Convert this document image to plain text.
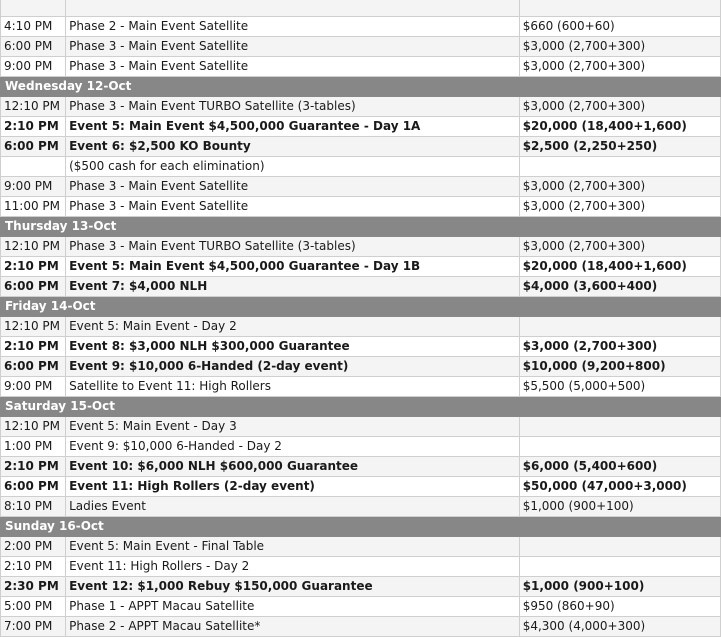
4:10 PM	Phase 2 - Main Event Satellite	$660 (600+60)
6:00 PM	Phase 3 - Main Event Satellite	$3,000 (2,700+300)
9:00 PM	Phase 3 - Main Event Satellite	$3,000 (2,700+300)
Wednesday 12-Oct		
12:10 PM	Phase 3 - Main Event TURBO Satellite (3-tables)	$3,000 (2,700+300)
2:10 PM	Event 5: Main Event $4,500,000 Guarantee - Day 1A	$20,000 (18,400+1,600)
6:00 PM	Event 6: $2,500 KO Bounty	$2,500 (2,250+250)
	($500 cash for each elimination)	
9:00 PM	Phase 3 - Main Event Satellite	$3,000 (2,700+300)
11:00 PM	Phase 3 - Main Event Satellite	$3,000 (2,700+300)
Thursday 13-Oct		
12:10 PM	Phase 3 - Main Event TURBO Satellite (3-tables)	$3,000 (2,700+300)
2:10 PM	Event 5: Main Event $4,500,000 Guarantee - Day 1B	$20,000 (18,400+1,600)
6:00 PM	Event 7: $4,000 NLH	$4,000 (3,600+400)
Friday 14-Oct		
12:10 PM	Event 5: Main Event - Day 2	
2:10 PM	Event 8: $3,000 NLH $300,000 Guarantee	$3,000 (2,700+300)
6:00 PM	Event 9: $10,000 6-Handed (2-day event)	$10,000 (9,200+800)
9:00 PM	Satellite to Event 11: High Rollers	$5,500 (5,000+500)
Saturday 15-Oct		
12:10 PM	Event 5: Main Event - Day 3	
1:00 PM	Event 9: $10,000 6-Handed - Day 2	
2:10 PM	Event 10: $6,000 NLH $600,000 Guarantee	$6,000 (5,400+600)
6:00 PM	Event 11: High Rollers (2-day event)	$50,000 (47,000+3,000)
8:10 PM	Ladies Event	$1,000 (900+100)
Sunday 16-Oct		
2:00 PM	Event 5: Main Event - Final Table	
2:10 PM	Event 11: High Rollers - Day 2	
2:30 PM	Event 12: $1,000 Rebuy $150,000 Guarantee	$1,000 (900+100)
5:00 PM	Phase 1 - APPT Macau Satellite	$950 (860+90)
7:00 PM	Phase 2 - APPT Macau Satellite*	$4,300 (4,000+300)
